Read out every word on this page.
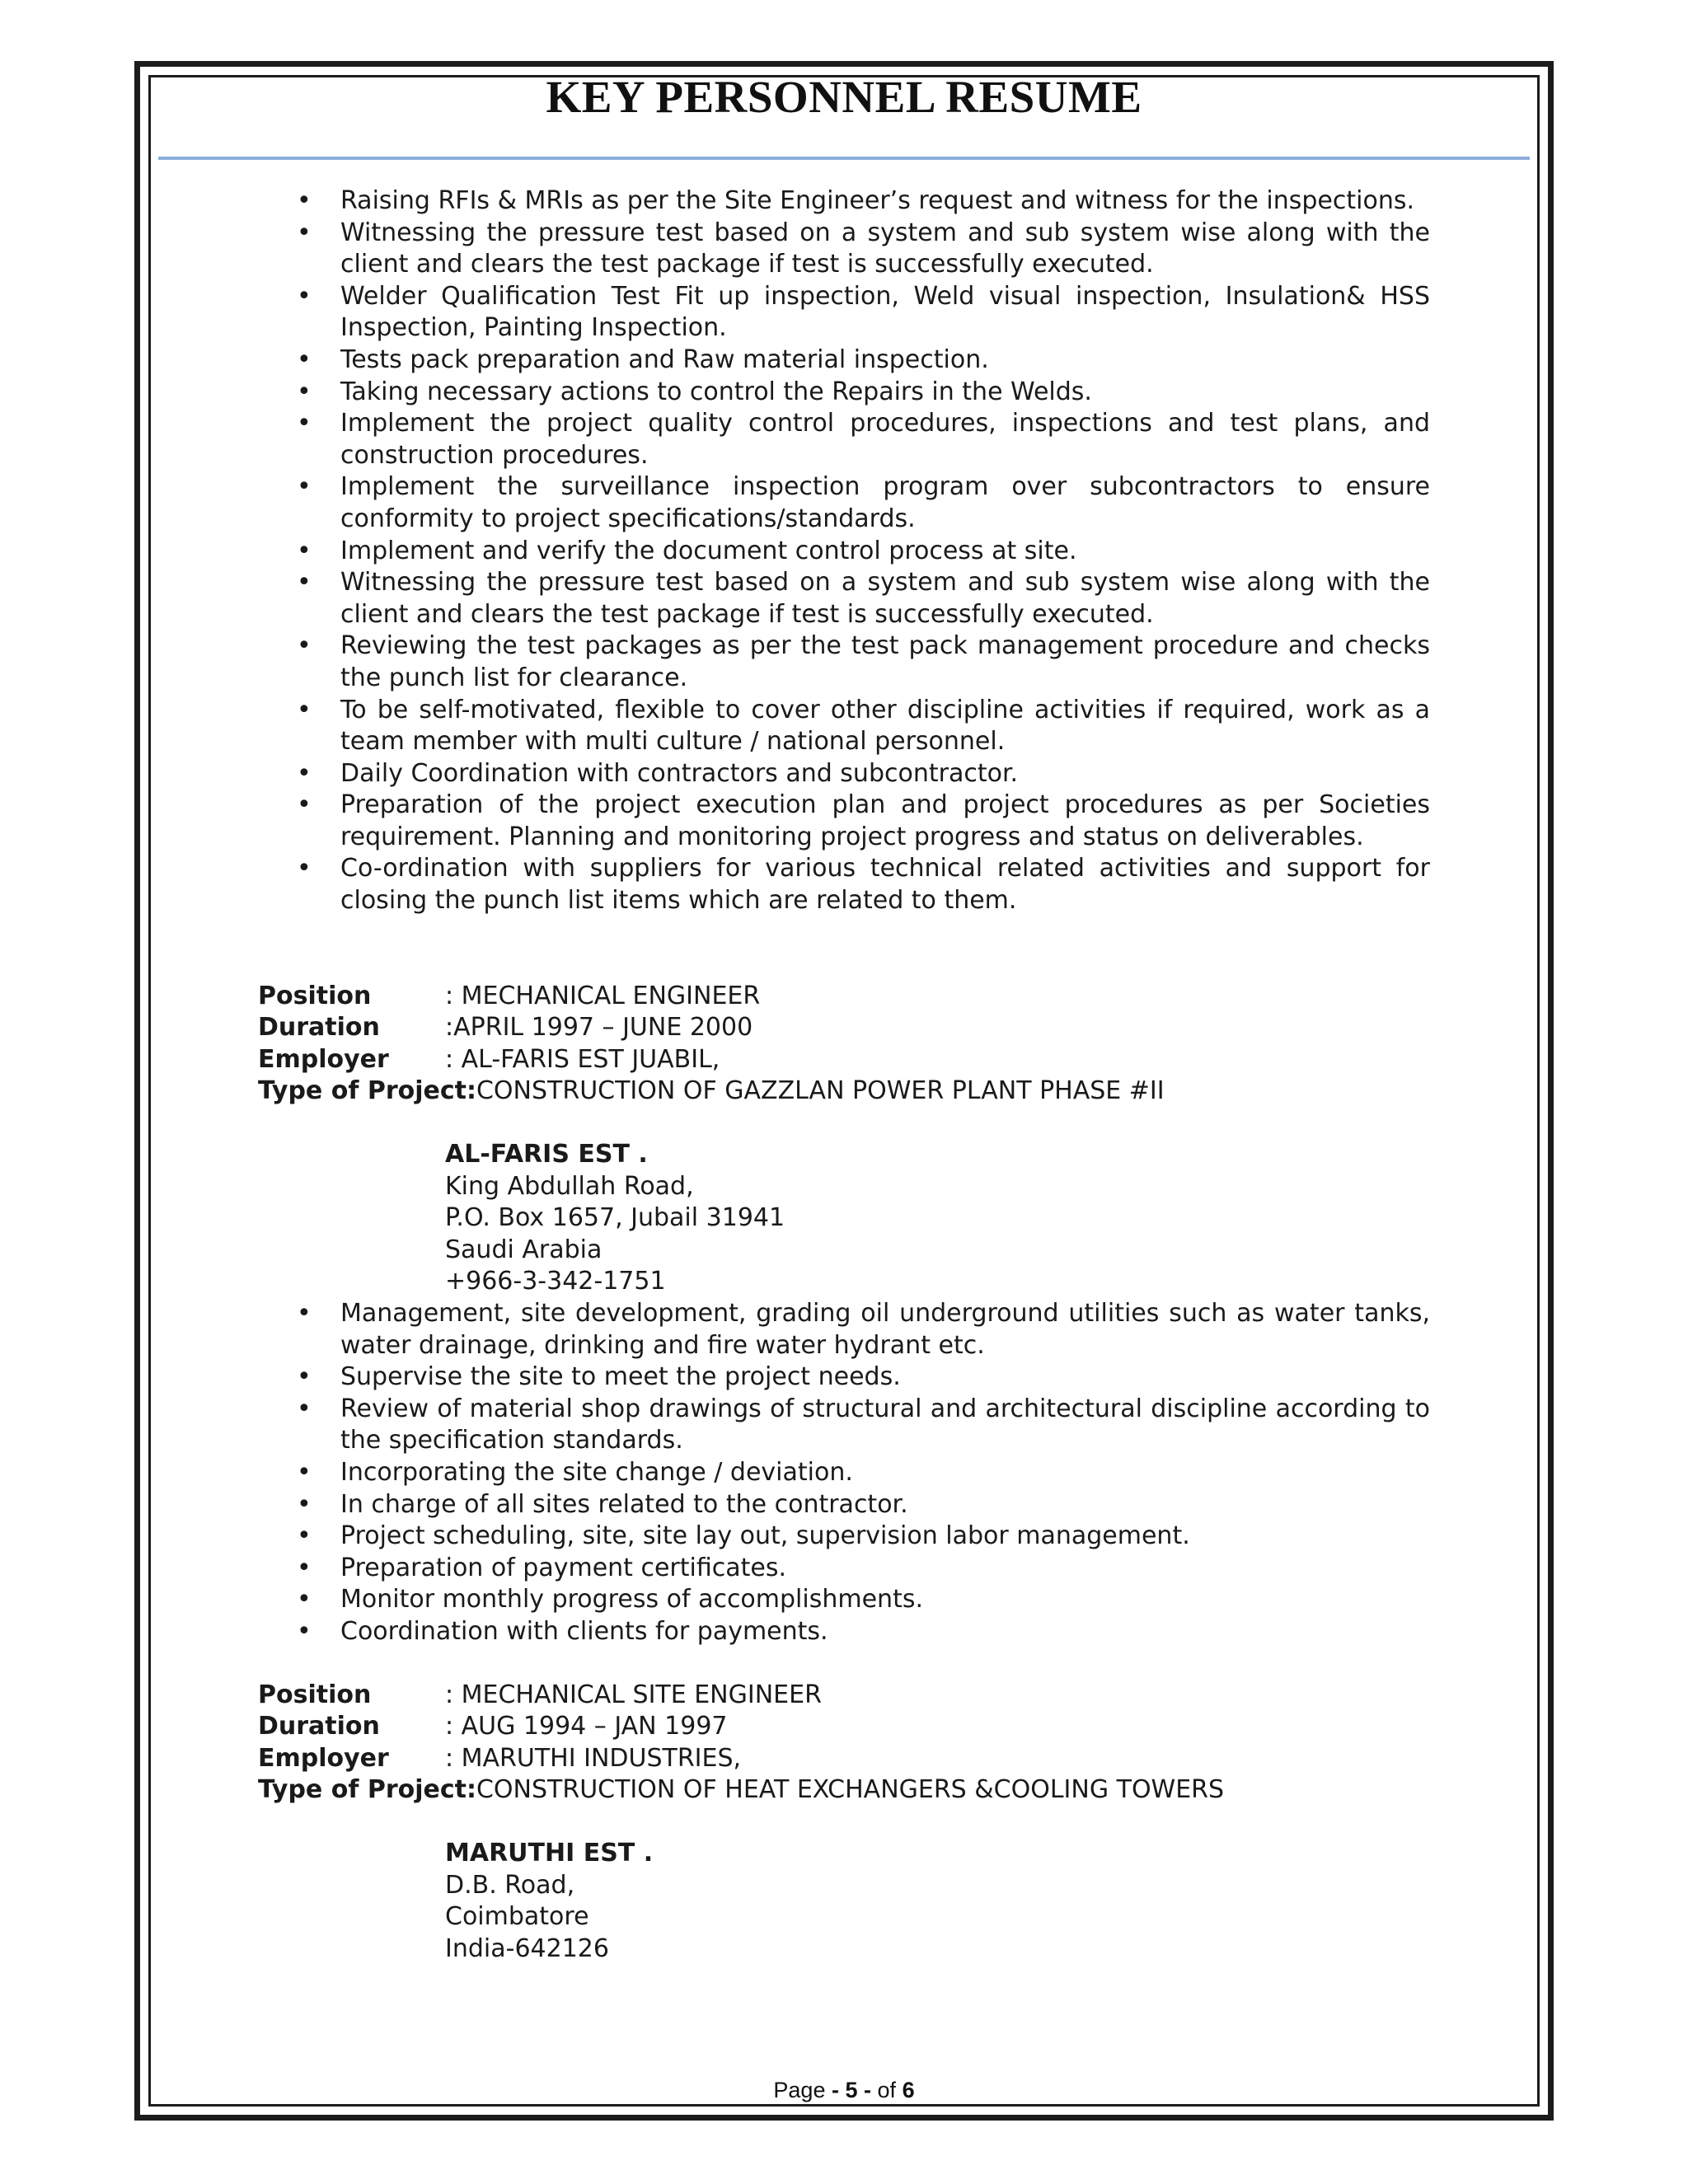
KEY PERSONNEL RESUME
• Raising RFIs & MRIs as per the Site Engineer’s request and witness for the inspections.
• Witnessing the pressure test based on a system and sub system wise along with the client and clears the test package if test is successfully executed.
• Welder Qualification Test Fit up inspection, Weld visual inspection, Insulation& HSS Inspection, Painting Inspection.
• Tests pack preparation and Raw material inspection.
• Taking necessary actions to control the Repairs in the Welds.
• Implement the project quality control procedures, inspections and test plans, and construction procedures.
• Implement the surveillance inspection program over subcontractors to ensure conformity to project specifications/standards.
• Implement and verify the document control process at site.
• Witnessing the pressure test based on a system and sub system wise along with the client and clears the test package if test is successfully executed.
• Reviewing the test packages as per the test pack management procedure and checks the punch list for clearance.
• To be self-motivated, flexible to cover other discipline activities if required, work as a team member with multi culture / national personnel.
• Daily Coordination with contractors and subcontractor.
• Preparation of the project execution plan and project procedures as per Societies requirement. Planning and monitoring project progress and status on deliverables.
• Co-ordination with suppliers for various technical related activities and support for closing the punch list items which are related to them.
Position	: MECHANICAL ENGINEER
Duration	:APRIL 1997 – JUNE 2000
Employer	: AL-FARIS EST JUABIL,
Type of Project: CONSTRUCTION OF GAZZLAN POWER PLANT PHASE #II
AL-FARIS EST .
King Abdullah Road,
P.O. Box 1657, Jubail 31941
Saudi Arabia
+966-3-342-1751
• Management, site development, grading oil underground utilities such as water tanks, water drainage, drinking and fire water hydrant etc.
• Supervise the site to meet the project needs.
• Review of material shop drawings of structural and architectural discipline according to the specification standards.
• Incorporating the site change / deviation.
• In charge of all sites related to the contractor.
• Project scheduling, site, site lay out, supervision labor management.
• Preparation of payment certificates.
• Monitor monthly progress of accomplishments.
• Coordination with clients for payments.
Position	: MECHANICAL SITE ENGINEER
Duration	: AUG 1994 – JAN 1997
Employer	: MARUTHI INDUSTRIES,
Type of Project: CONSTRUCTION OF HEAT EXCHANGERS &COOLING TOWERS
MARUTHI EST .
D.B. Road,
Coimbatore
India-642126
Page - 5 - of 6
